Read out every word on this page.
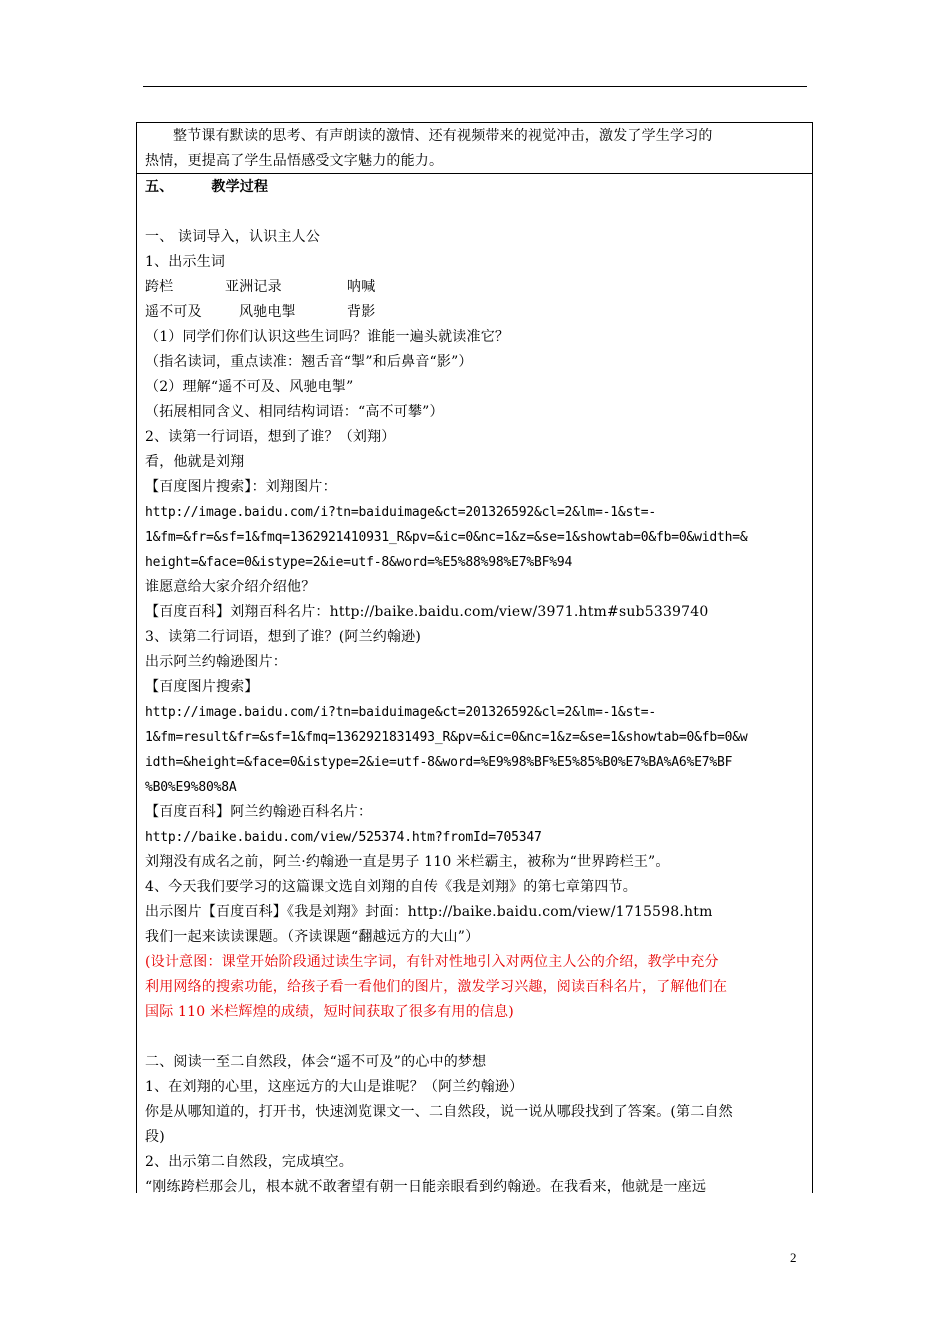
整节课有默读的思考、有声朗读的激情、还有视频带来的视觉冲击，激发了学生学习的
热情，更提高了学生品悟感受文字魅力的能力。
五、	教学过程
一、 读词导入，认识主人公
1、出示生词
跨栏	亚洲记录	呐喊
遥不可及	风驰电掣	背影
（1）同学们你们认识这些生词吗？谁能一遍头就读准它？
（指名读词，重点读准：翘舌音“掣”和后鼻音“影”）
（2）理解“遥不可及、风驰电掣”
（拓展相同含义、相同结构词语：“高不可攀”）
2、读第一行词语，想到了谁？（刘翔）
看，他就是刘翔
【百度图片搜索】：刘翔图片：
http://image.baidu.com/i?tn=baiduimage&ct=201326592&cl=2&lm=-1&st=-
1&fm=&fr=&sf=1&fmq=1362921410931_R&pv=&ic=0&nc=1&z=&se=1&showtab=0&fb=0&width=&
height=&face=0&istype=2&ie=utf-8&word=%E5%88%98%E7%BF%94
谁愿意给大家介绍介绍他？
【百度百科】刘翔百科名片：http://baike.baidu.com/view/3971.htm#sub5339740
3、读第二行词语，想到了谁？(阿兰约翰逊)
出示阿兰约翰逊图片：
【百度图片搜索】
http://image.baidu.com/i?tn=baiduimage&ct=201326592&cl=2&lm=-1&st=-
1&fm=result&fr=&sf=1&fmq=1362921831493_R&pv=&ic=0&nc=1&z=&se=1&showtab=0&fb=0&w
idth=&height=&face=0&istype=2&ie=utf-8&word=%E9%98%BF%E5%85%B0%E7%BA%A6%E7%BF
%B0%E9%80%8A
【百度百科】阿兰约翰逊百科名片：
http://baike.baidu.com/view/525374.htm?fromId=705347
刘翔没有成名之前，阿兰·约翰逊一直是男子 110 米栏霸主，被称为“世界跨栏王”。
4、今天我们要学习的这篇课文选自刘翔的自传《我是刘翔》的第七章第四节。
出示图片【百度百科】《我是刘翔》封面：http://baike.baidu.com/view/1715598.htm
我们一起来读读课题。（齐读课题“翻越远方的大山”）
(设计意图：课堂开始阶段通过读生字词，有针对性地引入对两位主人公的介绍，教学中充分
利用网络的搜索功能，给孩子看一看他们的图片，激发学习兴趣，阅读百科名片，了解他们在
国际 110 米栏辉煌的成绩，短时间获取了很多有用的信息)
二、阅读一至二自然段，体会“遥不可及”的心中的梦想
1、在刘翔的心里，这座远方的大山是谁呢？（阿兰约翰逊）
你是从哪知道的，打开书，快速浏览课文一、二自然段，说一说从哪段找到了答案。(第二自然
段)
2、出示第二自然段，完成填空。
“刚练跨栏那会儿，根本就不敢奢望有朝一日能亲眼看到约翰逊。在我看来，他就是一座远
2
